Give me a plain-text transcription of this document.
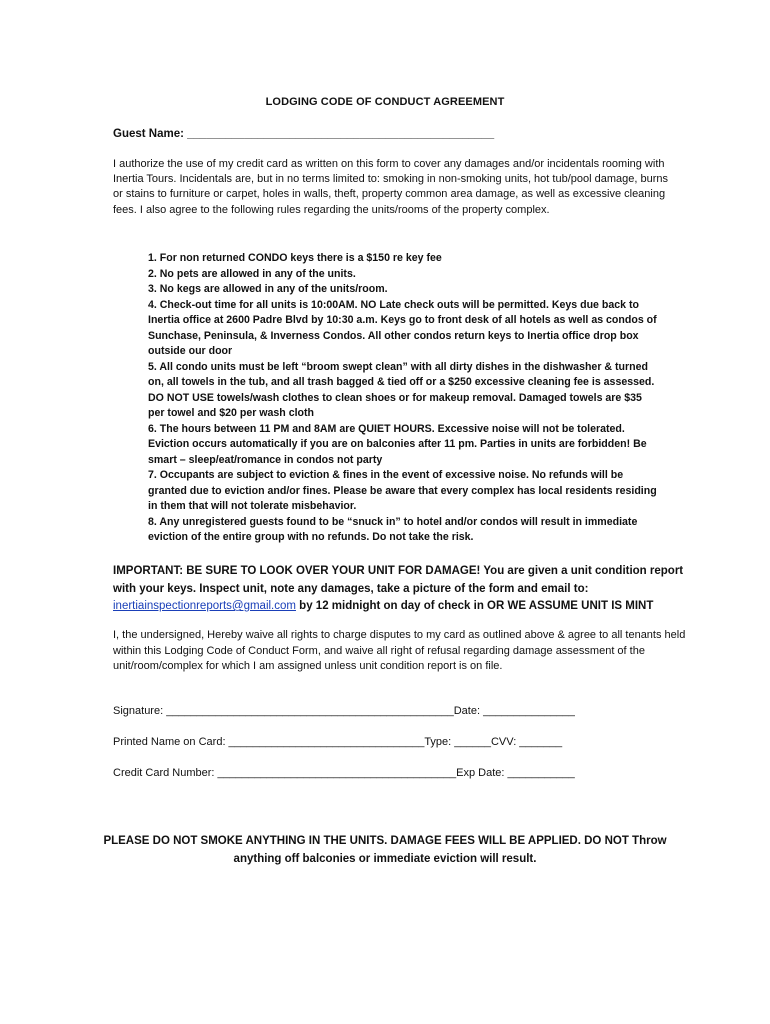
LODGING CODE OF CONDUCT AGREEMENT
Guest Name: ________________________________________________
I authorize the use of my credit card as written on this form to cover any damages and/or incidentals rooming with Inertia Tours. Incidentals are, but in no terms limited to: smoking in non-smoking units, hot tub/pool damage, burns or stains to furniture or carpet, holes in walls, theft, property common area damage, as well as excessive cleaning fees. I also agree to the following rules regarding the units/rooms of the property complex.
1. For non returned CONDO keys there is a $150 re key fee
2. No pets are allowed in any of the units.
3. No kegs are allowed in any of the units/room.
4. Check-out time for all units is 10:00AM. NO Late check outs will be permitted. Keys due back to Inertia office at 2600 Padre Blvd by 10:30 a.m. Keys go to front desk of all hotels as well as condos of Sunchase, Peninsula, & Inverness Condos. All other condos return keys to Inertia office drop box outside our door
5. All condo units must be left “broom swept clean” with all dirty dishes in the dishwasher & turned on, all towels in the tub, and all trash bagged & tied off or a $250 excessive cleaning fee is assessed. DO NOT USE towels/wash clothes to clean shoes or for makeup removal. Damaged towels are $35 per towel and $20 per wash cloth
6. The hours between 11 PM and 8AM are QUIET HOURS. Excessive noise will not be tolerated. Eviction occurs automatically if you are on balconies after 11 pm. Parties in units are forbidden! Be smart – sleep/eat/romance in condos not party
7. Occupants are subject to eviction & fines in the event of excessive noise. No refunds will be granted due to eviction and/or fines. Please be aware that every complex has local residents residing in them that will not tolerate misbehavior.
8. Any unregistered guests found to be “snuck in” to hotel and/or condos will result in immediate eviction of the entire group with no refunds. Do not take the risk.
IMPORTANT: BE SURE TO LOOK OVER YOUR UNIT FOR DAMAGE! You are given a unit condition report with your keys. Inspect unit, note any damages, take a picture of the form and email to: inertiainspectionreports@gmail.com by 12 midnight on day of check in OR WE ASSUME UNIT IS MINT
I, the undersigned, Hereby waive all rights to charge disputes to my card as outlined above & agree to all tenants held within this Lodging Code of Conduct Form, and waive all right of refusal regarding damage assessment of the unit/room/complex for which I am assigned unless unit condition report is on file.
Signature: _______________________________________________Date: _______________
Printed Name on Card: ________________________________Type: ______CVV: _______
Credit Card Number: _______________________________________Exp Date: ___________
PLEASE DO NOT SMOKE ANYTHING IN THE UNITS. DAMAGE FEES WILL BE APPLIED. DO NOT Throw anything off balconies or immediate eviction will result.
